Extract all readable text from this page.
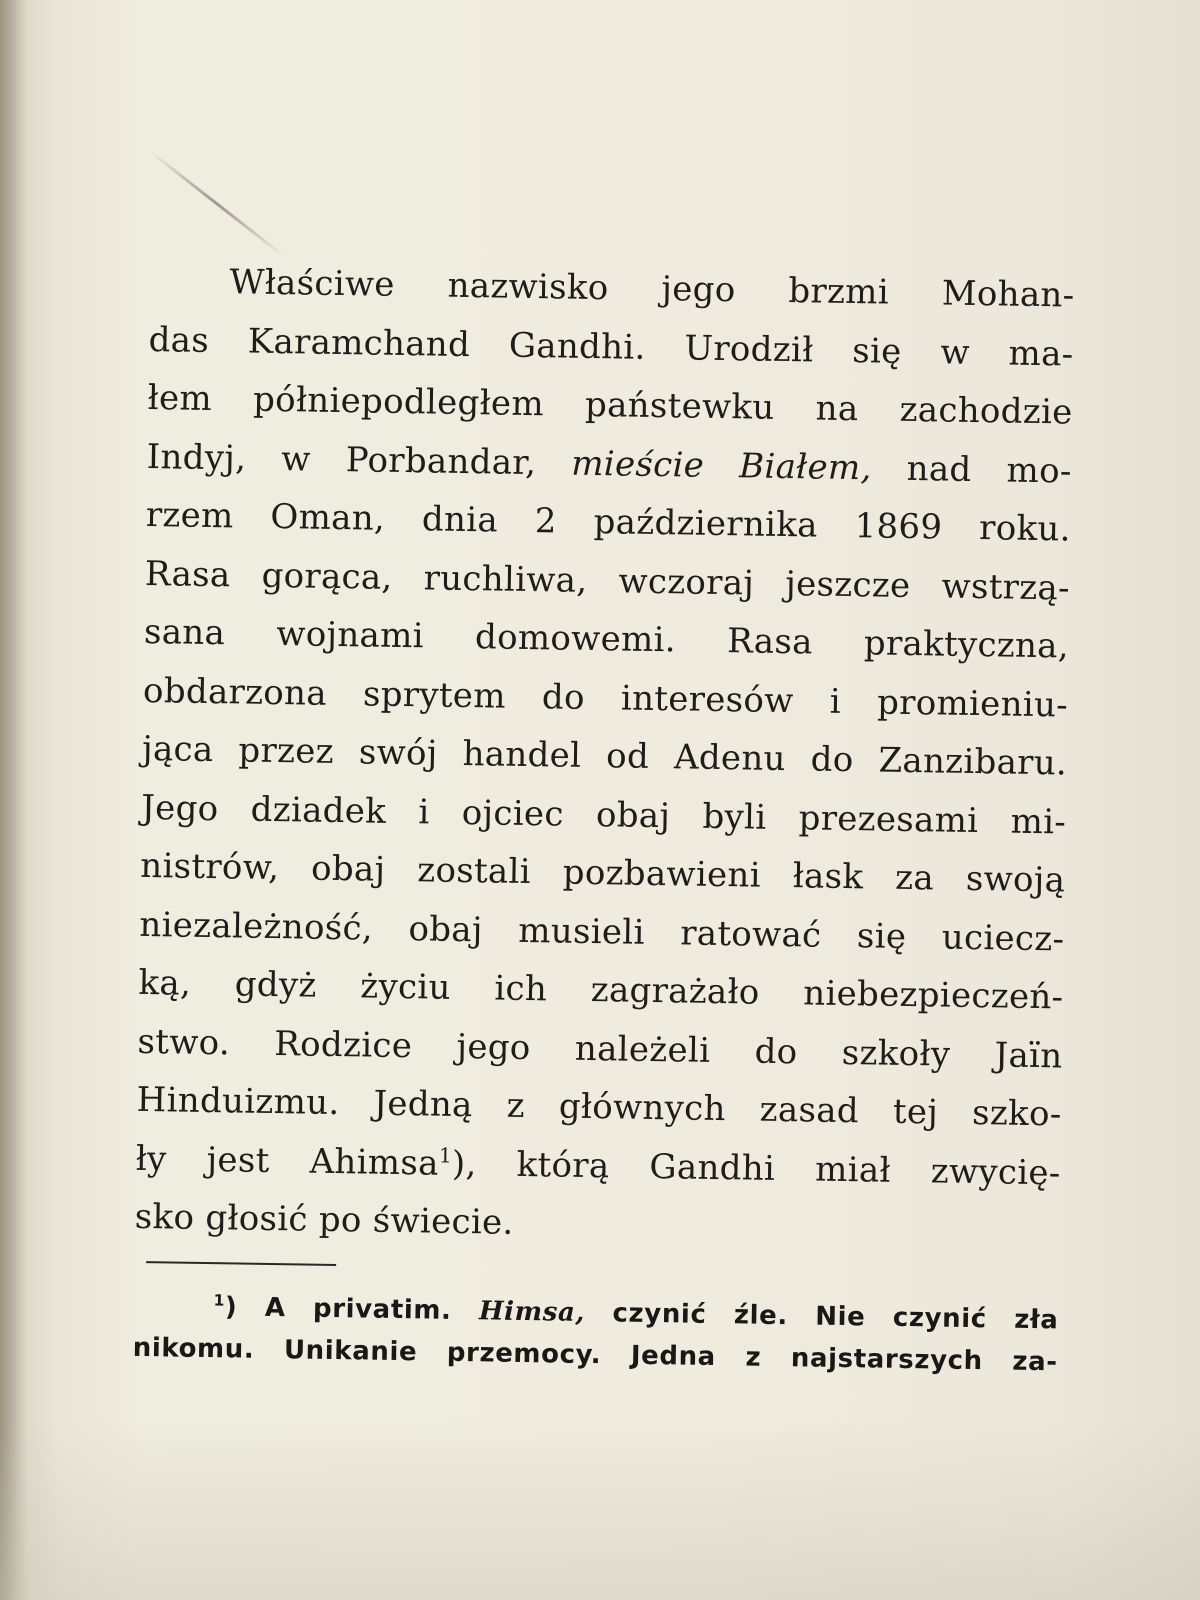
Właściwe nazwisko jego brzmi Mohan-
das Karamchand Gandhi. Urodził się w ma-
łem półniepodległem państewku na zachodzie
Indyj, w Porbandar, mieście Białem, nad mo-
rzem Oman, dnia 2 października 1869 roku.
Rasa gorąca, ruchliwa, wczoraj jeszcze wstrzą-
sana wojnami domowemi. Rasa praktyczna,
obdarzona sprytem do interesów i promieniu-
jąca przez swój handel od Adenu do Zanzibaru.
Jego dziadek i ojciec obaj byli prezesami mi-
nistrów, obaj zostali pozbawieni łask za swoją
niezależność, obaj musieli ratować się uciecz-
ką, gdyż życiu ich zagrażało niebezpieczeń-
stwo. Rodzice jego należeli do szkoły Jaïn
Hinduizmu. Jedną z głównych zasad tej szko-
ły jest Ahimsa$^1$), którą Gandhi miał zwycię-
sko głosić po świecie.
$^1$) A privatim. Himsa, czynić źle. Nie czynić zła
nikomu. Unikanie przemocy. Jedna z najstarszych za-
